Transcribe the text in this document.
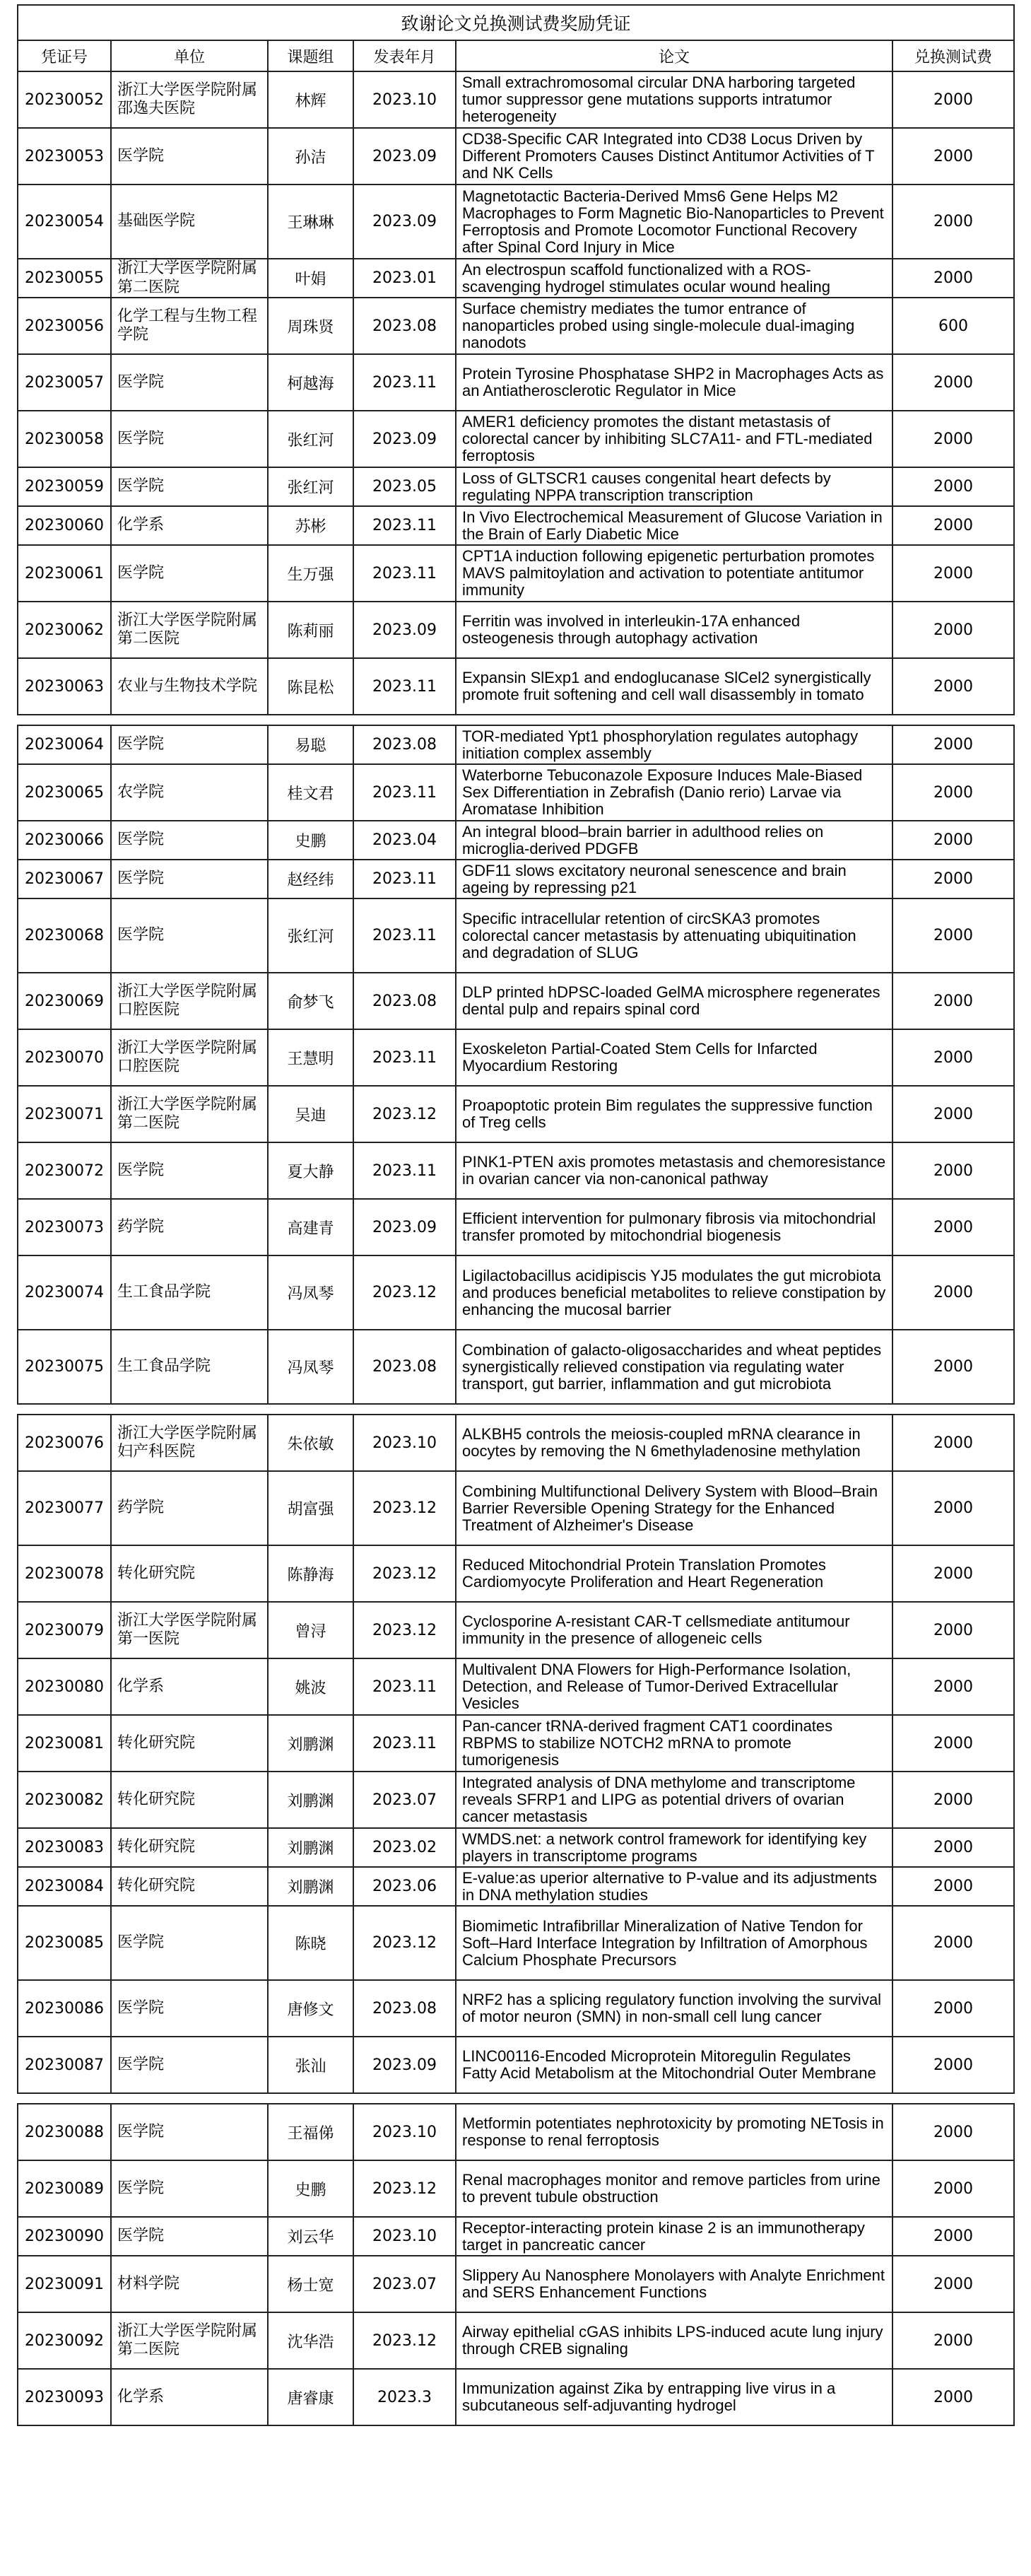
致谢论文兑换测试费奖励凭证					
凭证号	单位	课题组	发表年月	论文	兑换测试费
20230052	浙江大学医学院附属邵逸夫医院	林辉	2023.10	Small extrachromosomal circular DNA harboring targeted tumor suppressor gene mutations supports intratumor heterogeneity	2000
20230053	医学院	孙洁	2023.09	CD38-Specific CAR Integrated into CD38 Locus Driven by Different Promoters Causes Distinct Antitumor Activities of T and NK Cells	2000
20230054	基础医学院	王琳琳	2023.09	Magnetotactic Bacteria-Derived Mms6 Gene Helps M2 Macrophages to Form Magnetic Bio-Nanoparticles to Prevent Ferroptosis and Promote Locomotor Functional Recovery after Spinal Cord Injury in Mice	2000
20230055	浙江大学医学院附属第二医院	叶娟	2023.01	An electrospun scaffold functionalized with a ROS-scavenging hydrogel stimulates ocular wound healing	2000
20230056	化学工程与生物工程学院	周珠贤	2023.08	Surface chemistry mediates the tumor entrance of nanoparticles probed using single-molecule dual-imaging nanodots	600
20230057	医学院	柯越海	2023.11	Protein Tyrosine Phosphatase SHP2 in Macrophages Acts as an Antiatherosclerotic Regulator in Mice	2000
20230058	医学院	张红河	2023.09	AMER1 deficiency promotes the distant metastasis of colorectal cancer by inhibiting SLC7A11- and FTL-mediated ferroptosis	2000
20230059	医学院	张红河	2023.05	Loss of GLTSCR1 causes congenital heart defects by regulating NPPA transcription transcription	2000
20230060	化学系	苏彬	2023.11	In Vivo Electrochemical Measurement of Glucose Variation in the Brain of Early Diabetic Mice	2000
20230061	医学院	生万强	2023.11	CPT1A induction following epigenetic perturbation promotes MAVS palmitoylation and activation to potentiate antitumor immunity	2000
20230062	浙江大学医学院附属第二医院	陈莉丽	2023.09	Ferritin was involved in interleukin-17A enhanced osteogenesis through autophagy activation	2000
20230063	农业与生物技术学院	陈昆松	2023.11	Expansin SlExp1 and endoglucanase SlCel2 synergistically promote fruit softening and cell wall disassembly in tomato	2000
20230064	医学院	易聪	2023.08	TOR-mediated Ypt1 phosphorylation regulates autophagy initiation complex assembly	2000
20230065	农学院	桂文君	2023.11	Waterborne Tebuconazole Exposure Induces Male-Biased Sex Differentiation in Zebrafish (Danio rerio) Larvae via Aromatase Inhibition	2000
20230066	医学院	史鹏	2023.04	An integral blood–brain barrier in adulthood relies on microglia-derived PDGFB	2000
20230067	医学院	赵经纬	2023.11	GDF11 slows excitatory neuronal senescence and brain ageing by repressing p21	2000
20230068	医学院	张红河	2023.11	Specific intracellular retention of circSKA3 promotes colorectal cancer metastasis by attenuating ubiquitination and degradation of SLUG	2000
20230069	浙江大学医学院附属口腔医院	俞梦飞	2023.08	DLP printed hDPSC-loaded GelMA microsphere regenerates dental pulp and repairs spinal cord	2000
20230070	浙江大学医学院附属口腔医院	王慧明	2023.11	Exoskeleton Partial-Coated Stem Cells for Infarcted Myocardium Restoring	2000
20230071	浙江大学医学院附属第二医院	吴迪	2023.12	Proapoptotic protein Bim regulates the suppressive function of Treg cells	2000
20230072	医学院	夏大静	2023.11	PINK1-PTEN axis promotes metastasis and chemoresistance in ovarian cancer via non-canonical pathway	2000
20230073	药学院	高建青	2023.09	Efficient intervention for pulmonary fibrosis via mitochondrial transfer promoted by mitochondrial biogenesis	2000
20230074	生工食品学院	冯凤琴	2023.12	Ligilactobacillus acidipiscis YJ5 modulates the gut microbiota and produces beneficial metabolites to relieve constipation by enhancing the mucosal barrier	2000
20230075	生工食品学院	冯凤琴	2023.08	Combination of galacto-oligosaccharides and wheat peptides synergistically relieved constipation via regulating water transport, gut barrier, inflammation and gut microbiota	2000
20230076	浙江大学医学院附属妇产科医院	朱依敏	2023.10	ALKBH5 controls the meiosis-coupled mRNA clearance in oocytes by removing the N 6methyladenosine methylation	2000
20230077	药学院	胡富强	2023.12	Combining Multifunctional Delivery System with Blood–Brain Barrier Reversible Opening Strategy for the Enhanced Treatment of Alzheimer's Disease	2000
20230078	转化研究院	陈静海	2023.12	Reduced Mitochondrial Protein Translation Promotes Cardiomyocyte Proliferation and Heart Regeneration	2000
20230079	浙江大学医学院附属第一医院	曾浔	2023.12	Cyclosporine A-resistant CAR-T cellsmediate antitumour immunity in the presence of allogeneic cells	2000
20230080	化学系	姚波	2023.11	Multivalent DNA Flowers for High-Performance Isolation, Detection, and Release of Tumor-Derived Extracellular Vesicles	2000
20230081	转化研究院	刘鹏渊	2023.11	Pan-cancer tRNA-derived fragment CAT1 coordinates RBPMS to stabilize NOTCH2 mRNA to promote tumorigenesis	2000
20230082	转化研究院	刘鹏渊	2023.07	Integrated analysis of DNA methylome and transcriptome reveals SFRP1 and LIPG as potential drivers of ovarian cancer metastasis	2000
20230083	转化研究院	刘鹏渊	2023.02	WMDS.net: a network control framework for identifying key players in transcriptome programs	2000
20230084	转化研究院	刘鹏渊	2023.06	E-value:as uperior alternative to P-value and its adjustments in DNA methylation studies	2000
20230085	医学院	陈晓	2023.12	Biomimetic Intrafibrillar Mineralization of Native Tendon for Soft–Hard Interface Integration by Infiltration of Amorphous Calcium Phosphate Precursors	2000
20230086	医学院	唐修文	2023.08	NRF2 has a splicing regulatory function involving the survival of motor neuron (SMN) in non-small cell lung cancer	2000
20230087	医学院	张汕	2023.09	LINC00116-Encoded Microprotein Mitoregulin Regulates Fatty Acid Metabolism at the Mitochondrial Outer Membrane	2000
20230088	医学院	王福俤	2023.10	Metformin potentiates nephrotoxicity by promoting NETosis in response to renal ferroptosis	2000
20230089	医学院	史鹏	2023.12	Renal macrophages monitor and remove particles from urine to prevent tubule obstruction	2000
20230090	医学院	刘云华	2023.10	Receptor-interacting protein kinase 2 is an immunotherapy target in pancreatic cancer	2000
20230091	材料学院	杨士宽	2023.07	Slippery Au Nanosphere Monolayers with Analyte Enrichment and SERS Enhancement Functions	2000
20230092	浙江大学医学院附属第二医院	沈华浩	2023.12	Airway epithelial cGAS inhibits LPS-induced acute lung injury through CREB signaling	2000
20230093	化学系	唐睿康	2023.3	Immunization against Zika by entrapping live virus in a subcutaneous self-adjuvanting hydrogel	2000
